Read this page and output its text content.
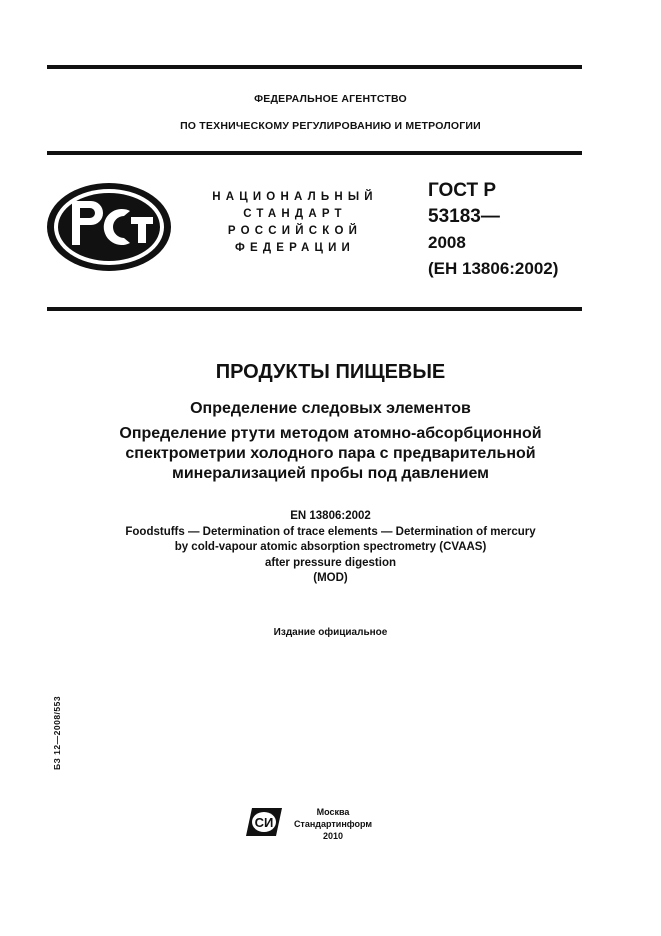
ФЕДЕРАЛЬНОЕ АГЕНТСТВО
ПО ТЕХНИЧЕСКОМУ РЕГУЛИРОВАНИЮ И МЕТРОЛОГИИ
НАЦИОНАЛЬНЫЙ
СТАНДАРТ
РОССИЙСКОЙ
ФЕДЕРАЦИИ
ГОСТ Р
53183—
2008
(ЕН 13806:2002)
ПРОДУКТЫ ПИЩЕВЫЕ
Определение следовых элементов
Определение ртути методом атомно-абсорбционной
спектрометрии холодного пара с предварительной
минерализацией пробы под давлением
EN 13806:2002
Foodstuffs — Determination of trace elements — Determination of mercury
by cold-vapour atomic absorption spectrometry (CVAAS)
after pressure digestion
(MOD)
Издание официальное
БЗ 12—2008/553
СИ
Москва
Стандартинформ
2010
